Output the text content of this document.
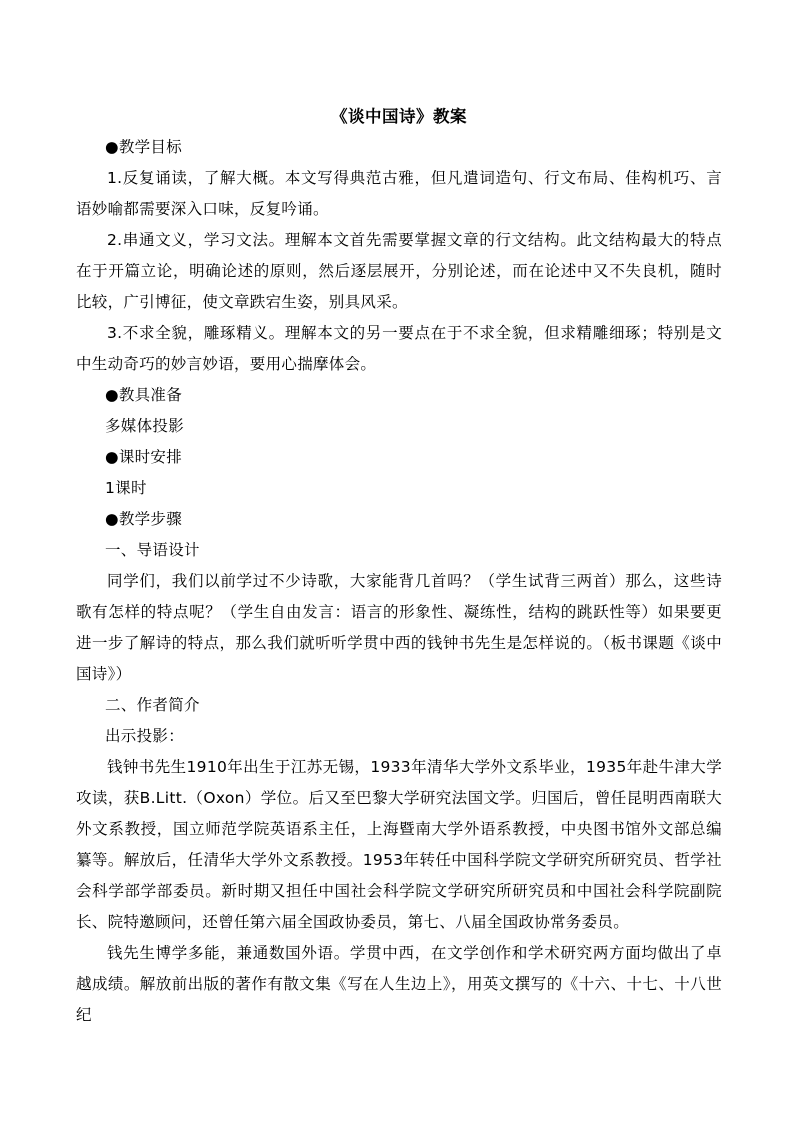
《谈中国诗》教案

●教学目标

1.反复诵读，了解大概。本文写得典范古雅，但凡遣词造句、行文布局、佳构机巧、言语妙喻都需要深入口味，反复吟诵。

2.串通文义，学习文法。理解本文首先需要掌握文章的行文结构。此文结构最大的特点在于开篇立论，明确论述的原则，然后逐层展开，分别论述，而在论述中又不失良机，随时比较，广引博征，使文章跌宕生姿，别具风采。

3.不求全貌，雕琢精义。理解本文的另一要点在于不求全貌，但求精雕细琢；特别是文中生动奇巧的妙言妙语，要用心揣摩体会。

●教具准备

多媒体投影

●课时安排

1课时

●教学步骤

一、导语设计

同学们，我们以前学过不少诗歌，大家能背几首吗？（学生试背三两首）那么，这些诗歌有怎样的特点呢？（学生自由发言：语言的形象性、凝练性，结构的跳跃性等）如果要更进一步了解诗的特点，那么我们就听听学贯中西的钱钟书先生是怎样说的。（板书课题《谈中国诗》）

二、作者简介

出示投影：

钱钟书先生1910年出生于江苏无锡，1933年清华大学外文系毕业，1935年赴牛津大学攻读，获B.Litt.（Oxon）学位。后又至巴黎大学研究法国文学。归国后，曾任昆明西南联大外文系教授，国立师范学院英语系主任，上海暨南大学外语系教授，中央图书馆外文部总编纂等。解放后，任清华大学外文系教授。1953年转任中国科学院文学研究所研究员、哲学社会科学部学部委员。新时期又担任中国社会科学院文学研究所研究员和中国社会科学院副院长、院特邀顾问，还曾任第六届全国政协委员，第七、八届全国政协常务委员。

钱先生博学多能，兼通数国外语。学贯中西，在文学创作和学术研究两方面均做出了卓越成绩。解放前出版的著作有散文集《写在人生边上》，用英文撰写的《十六、十七、十八世纪
